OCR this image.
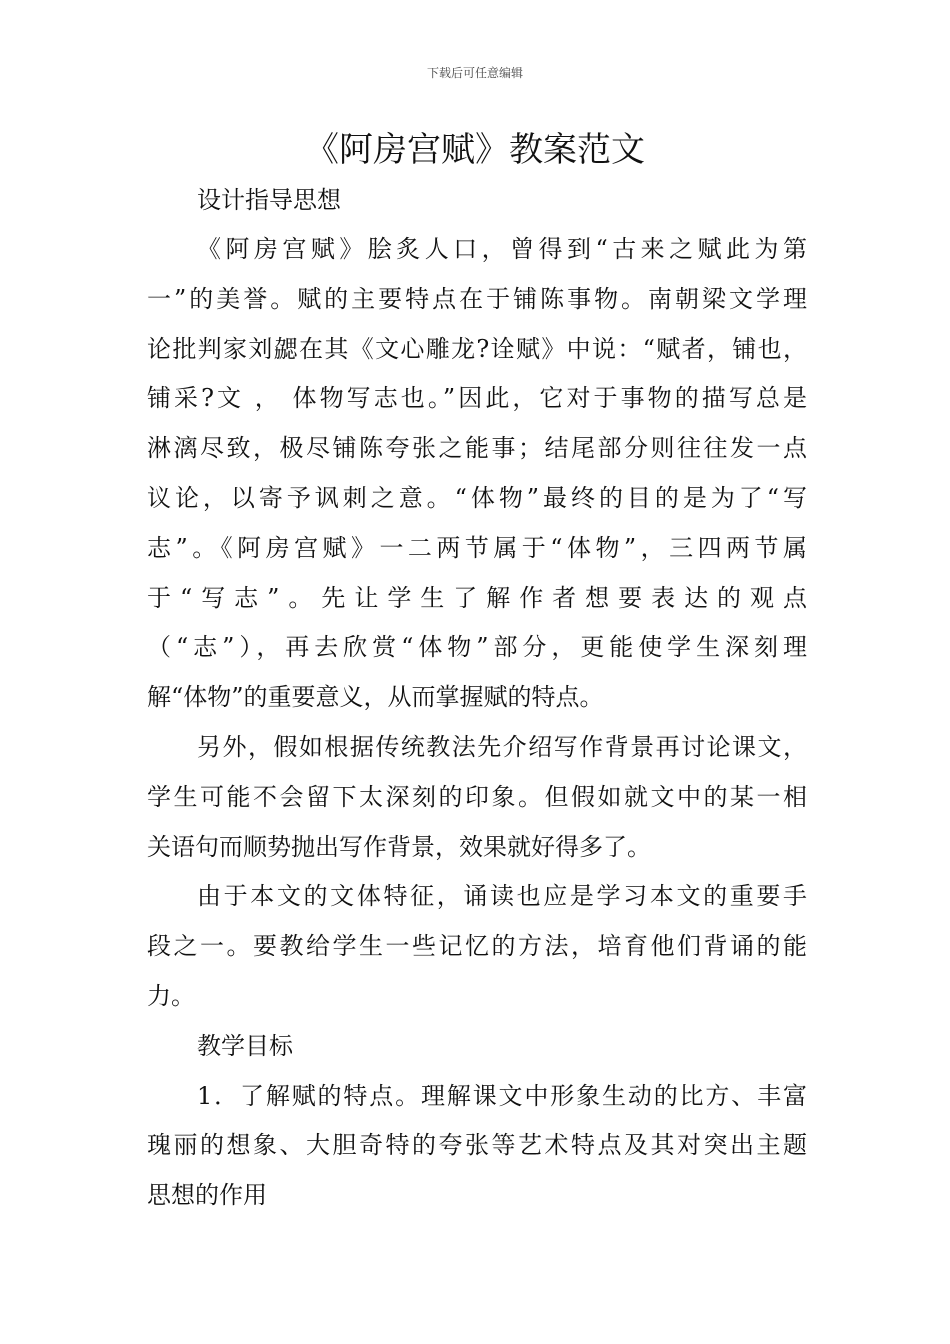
下载后可任意编辑
《阿房宫赋》教案范文
设计指导思想
《阿房宫赋》脍炙人口，曾得到“古来之赋此为第
一”的美誉。赋的主要特点在于铺陈事物。南朝梁文学理
论批判家刘勰在其《文心雕龙?诠赋》中说：“赋者，铺也，
铺采?文 ， 体物写志也。”因此，它对于事物的描写总是
淋漓尽致，极尽铺陈夸张之能事；结尾部分则往往发一点
议论，以寄予讽刺之意。“体物”最终的目的是为了“写
志”。《阿房宫赋》一二两节属于“体物”，三四两节属
于“写志”。先让学生了解作者想要表达的观点
（“志”），再去欣赏“体物”部分，更能使学生深刻理
解“体物”的重要意义，从而掌握赋的特点。
另外，假如根据传统教法先介绍写作背景再讨论课文，
学生可能不会留下太深刻的印象。但假如就文中的某一相
关语句而顺势抛出写作背景，效果就好得多了。
由于本文的文体特征，诵读也应是学习本文的重要手
段之一。要教给学生一些记忆的方法，培育他们背诵的能
力。
教学目标
1．了解赋的特点。理解课文中形象生动的比方、丰富
瑰丽的想象、大胆奇特的夸张等艺术特点及其对突出主题
思想的作用
